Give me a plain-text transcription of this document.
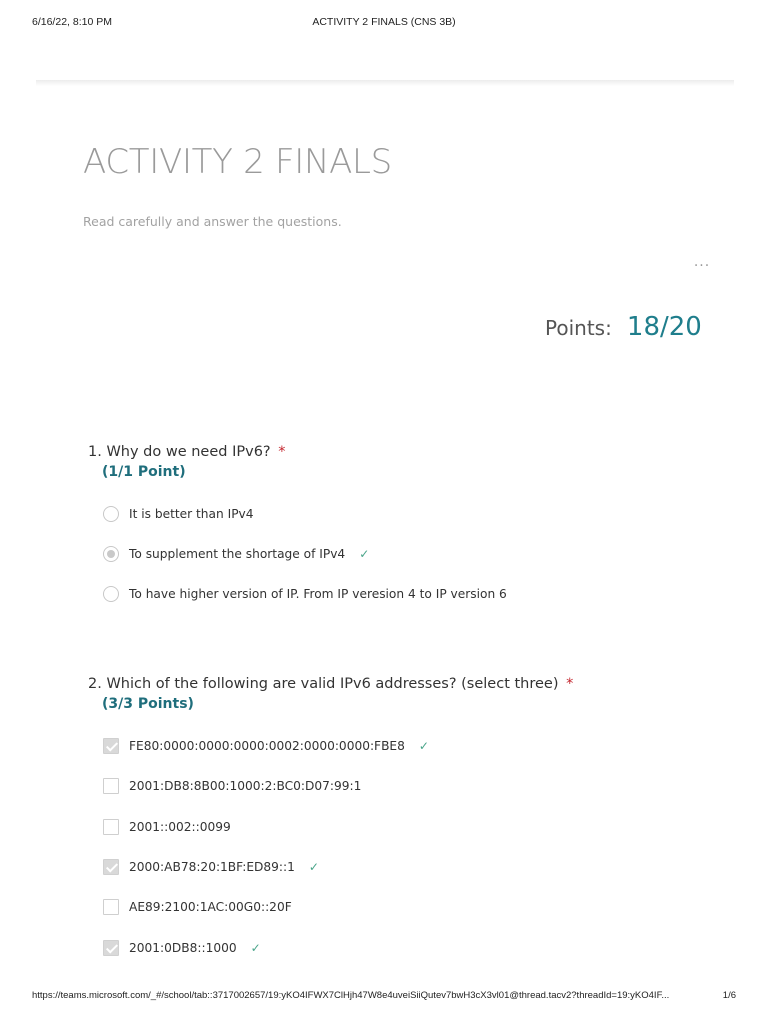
6/16/22, 8:10 PM	ACTIVITY 2 FINALS (CNS 3B)
ACTIVITY 2 FINALS
Read carefully and answer the questions.
...
Points: 18/20
1. Why do we need IPv6? *
(1/1 Point)
It is better than IPv4
To supplement the shortage of IPv4 ✓
To have higher version of IP. From IP veresion 4 to IP version 6
2. Which of the following are valid IPv6 addresses? (select three) *
(3/3 Points)
FE80:0000:0000:0000:0002:0000:0000:FBE8 ✓
2001:DB8:8B00:1000:2:BC0:D07:99:1
2001::002::0099
2000:AB78:20:1BF:ED89::1 ✓
AE89:2100:1AC:00G0::20F
2001:0DB8::1000 ✓
https://teams.microsoft.com/_#/school/tab::3717002657/19:yKO4IFWX7ClHjh47W8e4uveiSiiQutev7bwH3cX3vl01@thread.tacv2?threadId=19:yKO4IF...	1/6
